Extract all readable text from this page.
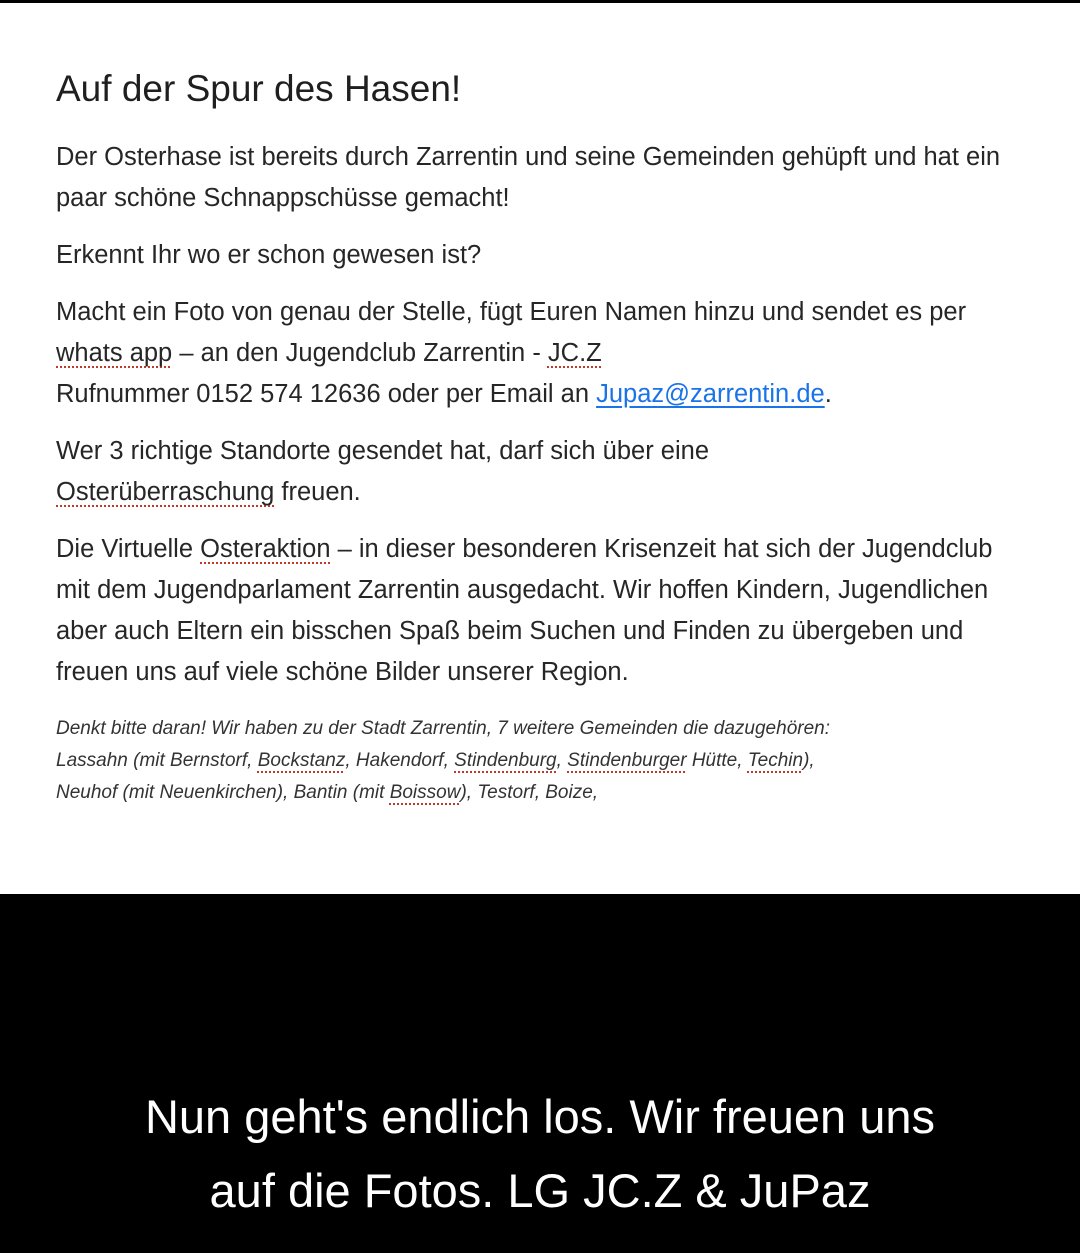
Auf der Spur des Hasen!

Der Osterhase ist bereits durch Zarrentin und seine Gemeinden gehüpft und hat ein paar schöne Schnappschüsse gemacht!

Erkennt Ihr wo er schon gewesen ist?

Macht ein Foto von genau der Stelle, fügt Euren Namen hinzu und sendet es per whats app – an den Jugendclub Zarrentin - JC.Z
Rufnummer 0152 574 12636 oder per Email an Jupaz@zarrentin.de.

Wer 3 richtige Standorte gesendet hat, darf sich über eine
Osterüberraschung freuen.

Die Virtuelle Osteraktion – in dieser besonderen Krisenzeit hat sich der Jugendclub mit dem Jugendparlament Zarrentin ausgedacht. Wir hoffen Kindern, Jugendlichen aber auch Eltern ein bisschen Spaß beim Suchen und Finden zu übergeben und freuen uns auf viele schöne Bilder unserer Region.

Denkt bitte daran! Wir haben zu der Stadt Zarrentin, 7 weitere Gemeinden die dazugehören:
Lassahn (mit Bernstorf, Bockstanz, Hakendorf, Stindenburg, Stindenburger Hütte, Techin),
Neuhof (mit Neuenkirchen), Bantin (mit Boissow), Testorf, Boize,

Nun geht's endlich los. Wir freuen uns
auf die Fotos. LG JC.Z & JuPaz
